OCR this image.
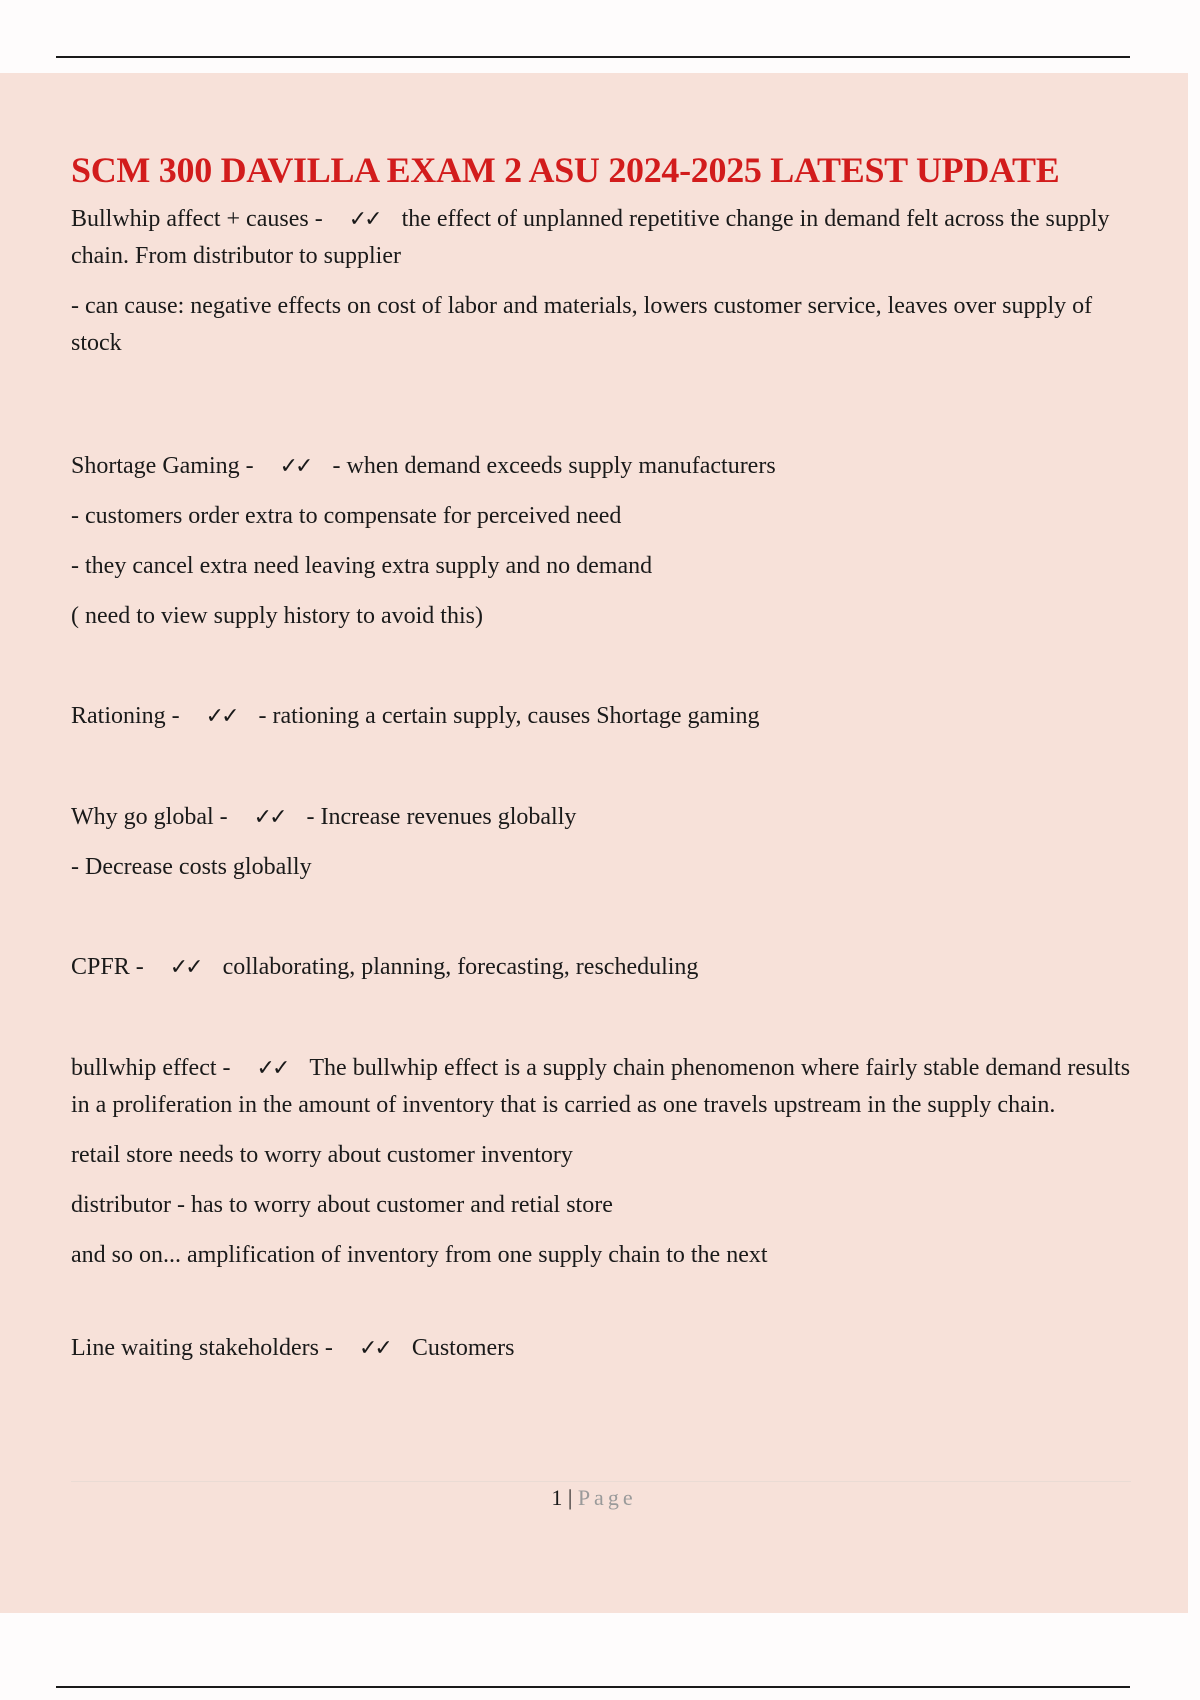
SCM 300 DAVILLA EXAM 2 ASU 2024-2025 LATEST UPDATE

Bullwhip affect + causes - ✓✓ the effect of unplanned repetitive change in demand felt across the supply chain. From distributor to supplier

- can cause: negative effects on cost of labor and materials, lowers customer service, leaves over supply of stock

Shortage Gaming - ✓✓ - when demand exceeds supply manufacturers

- customers order extra to compensate for perceived need

- they cancel extra need leaving extra supply and no demand

( need to view supply history to avoid this)

Rationing - ✓✓ - rationing a certain supply, causes Shortage gaming

Why go global - ✓✓ - Increase revenues globally

- Decrease costs globally

CPFR - ✓✓ collaborating, planning, forecasting, rescheduling

bullwhip effect - ✓✓ The bullwhip effect is a supply chain phenomenon where fairly stable demand results in a proliferation in the amount of inventory that is carried as one travels upstream in the supply chain.

retail store needs to worry about customer inventory

distributor - has to worry about customer and retial store

and so on... amplification of inventory from one supply chain to the next

Line waiting stakeholders - ✓✓ Customers

1 | Page
